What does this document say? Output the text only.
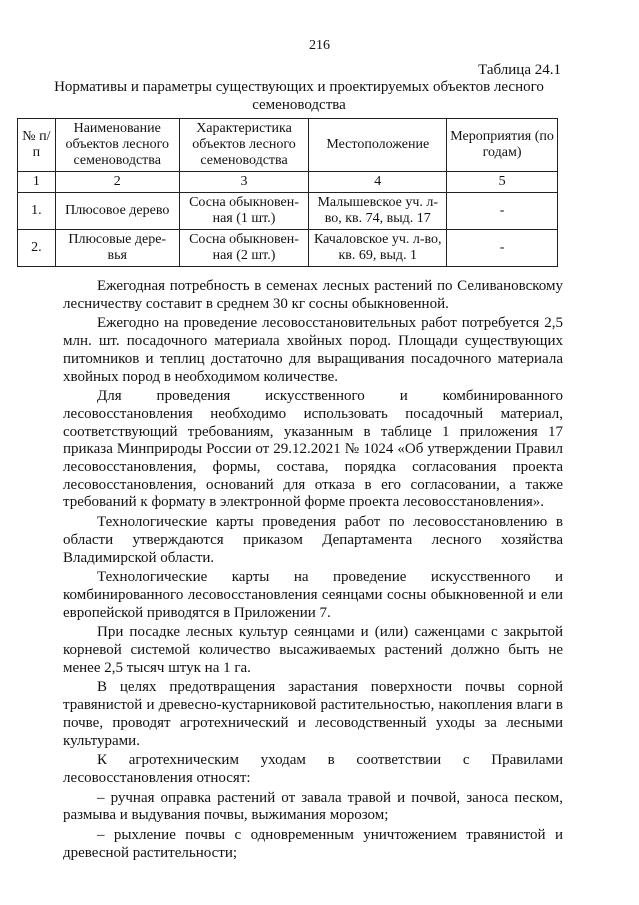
216
Таблица 24.1
Нормативы и параметры существующих и проектируемых объектов лесного семеноводства
№ п/п	Наименование объектов лесного семеноводства	Характеристика объектов лесного семеноводства	Местоположение	Мероприятия (по годам)
1	2	3	4	5
1.	Плюсовое дерево	Сосна обыкновен-ная (1 шт.)	Малышевское уч. л-во, кв. 74, выд. 17	-
2.	Плюсовые дере-вья	Сосна обыкновен-ная (2 шт.)	Качаловское уч. л-во, кв. 69, выд. 1	-

Ежегодная потребность в семенах лесных растений по Селивановскому лесничеству составит в среднем 30 кг сосны обыкновенной.

Ежегодно на проведение лесовосстановительных работ потребуется 2,5 млн. шт. посадочного материала хвойных пород. Площади существующих питомников и теплиц достаточно для выращивания посадочного материала хвойных пород в необходимом количестве.

Для проведения искусственного и комбинированного лесовосстановления необходимо использовать посадочный материал, соответствующий требованиям, указанным в таблице 1 приложения 17 приказа Минприроды России от 29.12.2021 № 1024 «Об утверждении Правил лесовосстановления, формы, состава, порядка согласования проекта лесовосстановления, оснований для отказа в его согласовании, а также требований к формату в электронной форме проекта лесовосстановления».

Технологические карты проведения работ по лесовосстановлению в области утверждаются приказом Департамента лесного хозяйства Владимирской области.

Технологические карты на проведение искусственного и комбинированного лесовосстановления сеянцами сосны обыкновенной и ели европейской приводятся в Приложении 7.

При посадке лесных культур сеянцами и (или) саженцами с закрытой корневой системой количество высаживаемых растений должно быть не менее 2,5 тысяч штук на 1 га.

В целях предотвращения зарастания поверхности почвы сорной травянистой и древесно-кустарниковой растительностью, накопления влаги в почве, проводят агротехнический и лесоводственный уходы за лесными культурами.

К агротехническим уходам в соответствии с Правилами лесовосстановления относят:

– ручная оправка растений от завала травой и почвой, заноса песком, размыва и выдувания почвы, выжимания морозом;

– рыхление почвы с одновременным уничтожением травянистой и древесной растительности;
